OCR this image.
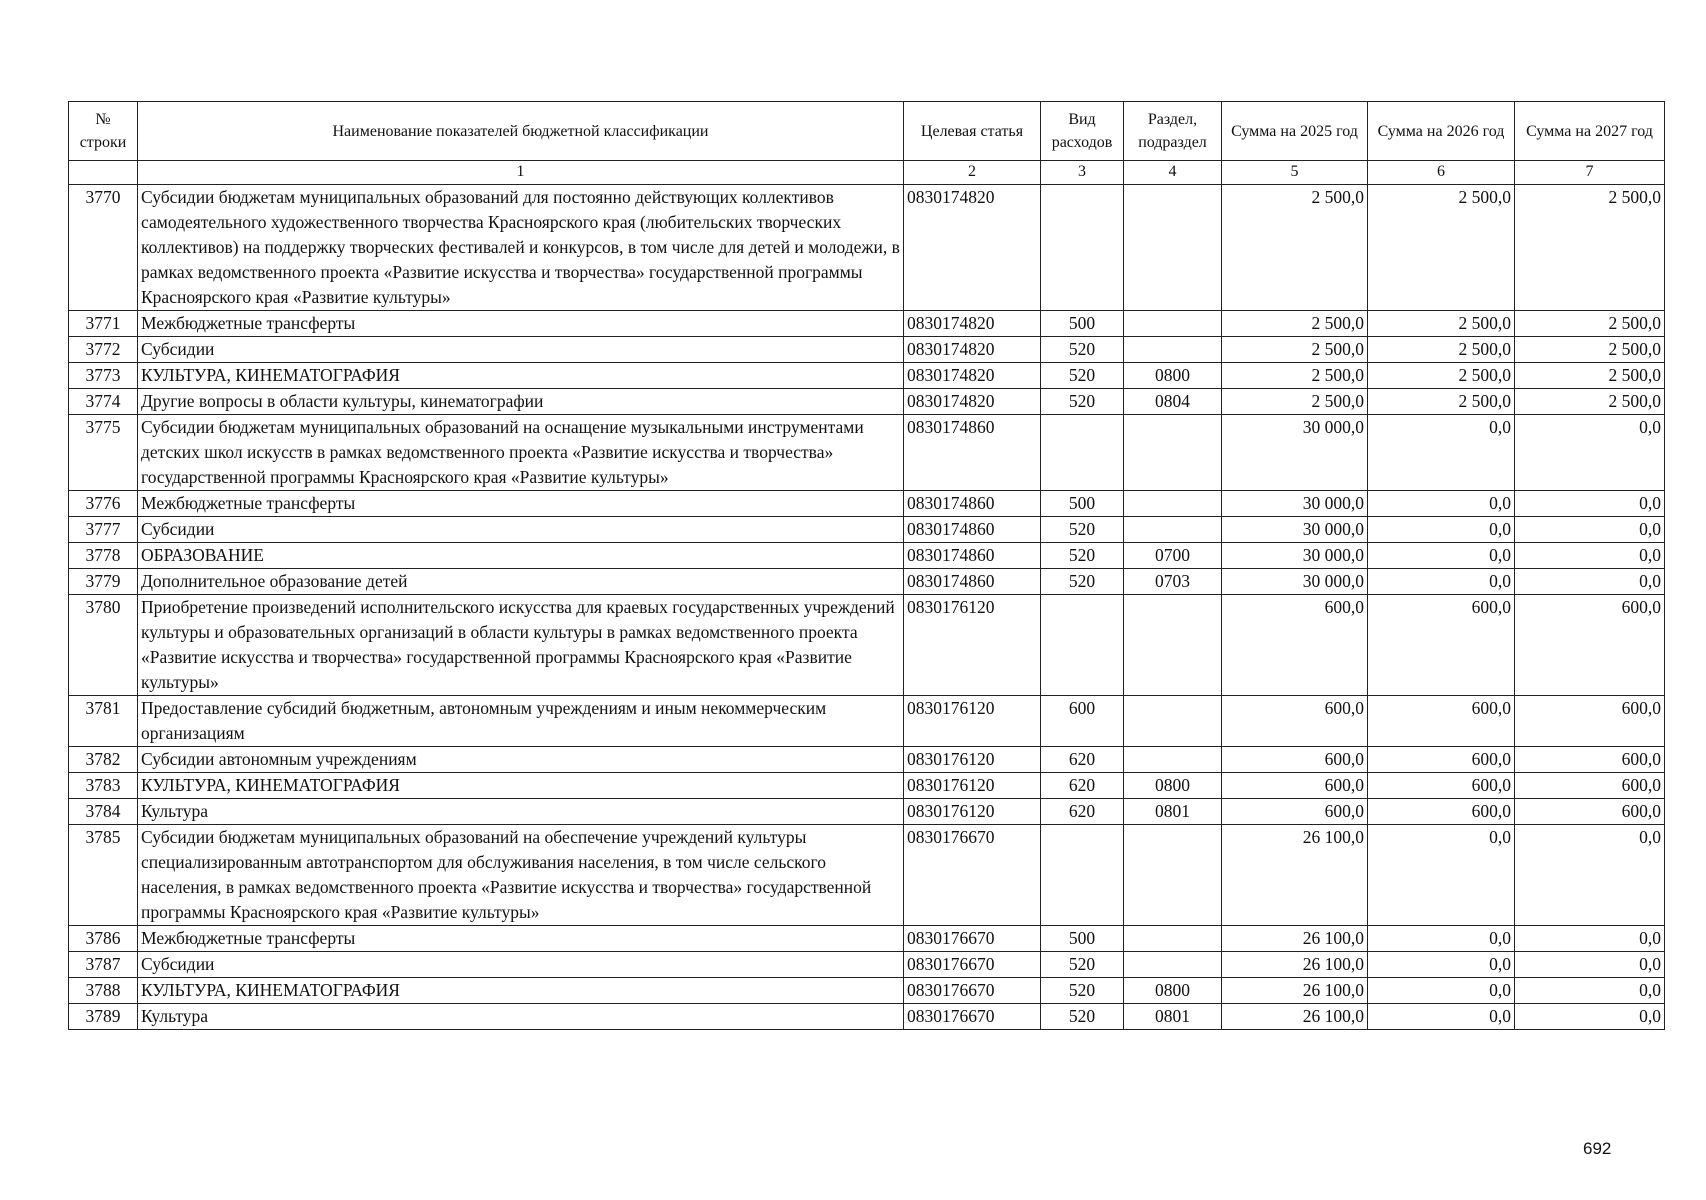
№ строки	Наименование показателей бюджетной классификации	Целевая статья	Вид расходов	Раздел, подраздел	Сумма на 2025 год	Сумма на 2026 год	Сумма на 2027 год
	1	2	3	4	5	6	7
3770	Субсидии бюджетам муниципальных образований для постоянно действующих коллективов самодеятельного художественного творчества Красноярского края (любительских творческих коллективов) на поддержку творческих фестивалей и конкурсов, в том числе для детей и молодежи, в рамках ведомственного проекта «Развитие искусства и творчества» государственной программы Красноярского края «Развитие культуры»	0830174820			2 500,0	2 500,0	2 500,0
3771	Межбюджетные трансферты	0830174820	500		2 500,0	2 500,0	2 500,0
3772	Субсидии	0830174820	520		2 500,0	2 500,0	2 500,0
3773	КУЛЬТУРА, КИНЕМАТОГРАФИЯ	0830174820	520	0800	2 500,0	2 500,0	2 500,0
3774	Другие вопросы в области культуры, кинематографии	0830174820	520	0804	2 500,0	2 500,0	2 500,0
3775	Субсидии бюджетам муниципальных образований на оснащение музыкальными инструментами детских школ искусств в рамках ведомственного проекта «Развитие искусства и творчества» государственной программы Красноярского края «Развитие культуры»	0830174860			30 000,0	0,0	0,0
3776	Межбюджетные трансферты	0830174860	500		30 000,0	0,0	0,0
3777	Субсидии	0830174860	520		30 000,0	0,0	0,0
3778	ОБРАЗОВАНИЕ	0830174860	520	0700	30 000,0	0,0	0,0
3779	Дополнительное образование детей	0830174860	520	0703	30 000,0	0,0	0,0
3780	Приобретение произведений исполнительского искусства для краевых государственных учреждений культуры и образовательных организаций в области культуры в рамках ведомственного проекта «Развитие искусства и творчества» государственной программы Красноярского края «Развитие культуры»	0830176120			600,0	600,0	600,0
3781	Предоставление субсидий бюджетным, автономным учреждениям и иным некоммерческим организациям	0830176120	600		600,0	600,0	600,0
3782	Субсидии автономным учреждениям	0830176120	620		600,0	600,0	600,0
3783	КУЛЬТУРА, КИНЕМАТОГРАФИЯ	0830176120	620	0800	600,0	600,0	600,0
3784	Культура	0830176120	620	0801	600,0	600,0	600,0
3785	Субсидии бюджетам муниципальных образований на обеспечение учреждений культуры специализированным автотранспортом для обслуживания населения, в том числе сельского населения, в рамках ведомственного проекта «Развитие искусства и творчества» государственной программы Красноярского края «Развитие культуры»	0830176670			26 100,0	0,0	0,0
3786	Межбюджетные трансферты	0830176670	500		26 100,0	0,0	0,0
3787	Субсидии	0830176670	520		26 100,0	0,0	0,0
3788	КУЛЬТУРА, КИНЕМАТОГРАФИЯ	0830176670	520	0800	26 100,0	0,0	0,0
3789	Культура	0830176670	520	0801	26 100,0	0,0	0,0
692
